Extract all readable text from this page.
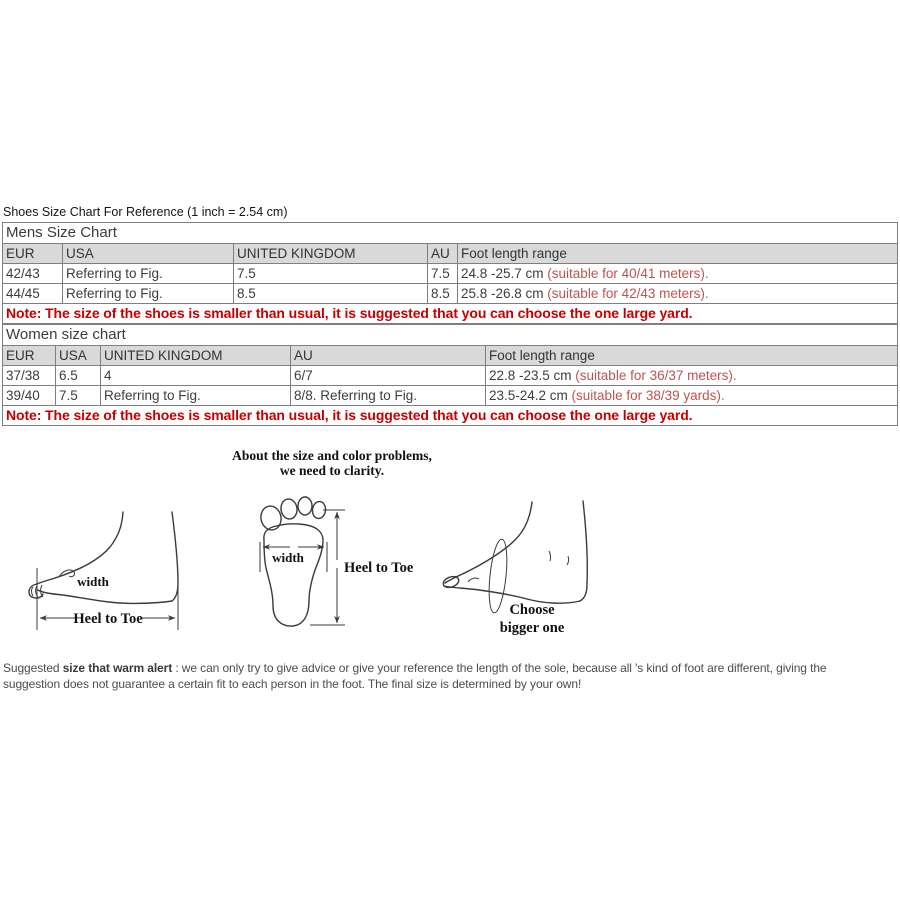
Shoes Size Chart For Reference (1 inch = 2.54 cm)
Mens Size Chart				
EUR	USA	UNITED KINGDOM	AU	Foot length range
42/43	Referring to Fig.	7.5	7.5	24.8 -25.7 cm (suitable for 40/41 meters).
44/45	Referring to Fig.	8.5	8.5	25.8 -26.8 cm (suitable for 42/43 meters).
Note: The size of the shoes is smaller than usual, it is suggested that you can choose the one large yard.				
Women size chart				
EUR	USA	UNITED KINGDOM	AU	Foot length range
37/38	6.5	4	6/7	22.8 -23.5 cm (suitable for 36/37 meters).
39/40	7.5	Referring to Fig.	8/8. Referring to Fig.	23.5-24.2 cm (suitable for 38/39 yards).
Note: The size of the shoes is smaller than usual, it is suggested that you can choose the one large yard.				
About the size and color problems,
we need to clarity.
width
Heel to Toe
width
Heel to Toe
Choose
bigger one
Suggested size that warm alert : we can only try to give advice or give your reference the length of the sole, because all 's kind of foot are different, giving the
suggestion does not guarantee a certain fit to each person in the foot. The final size is determined by your own!
